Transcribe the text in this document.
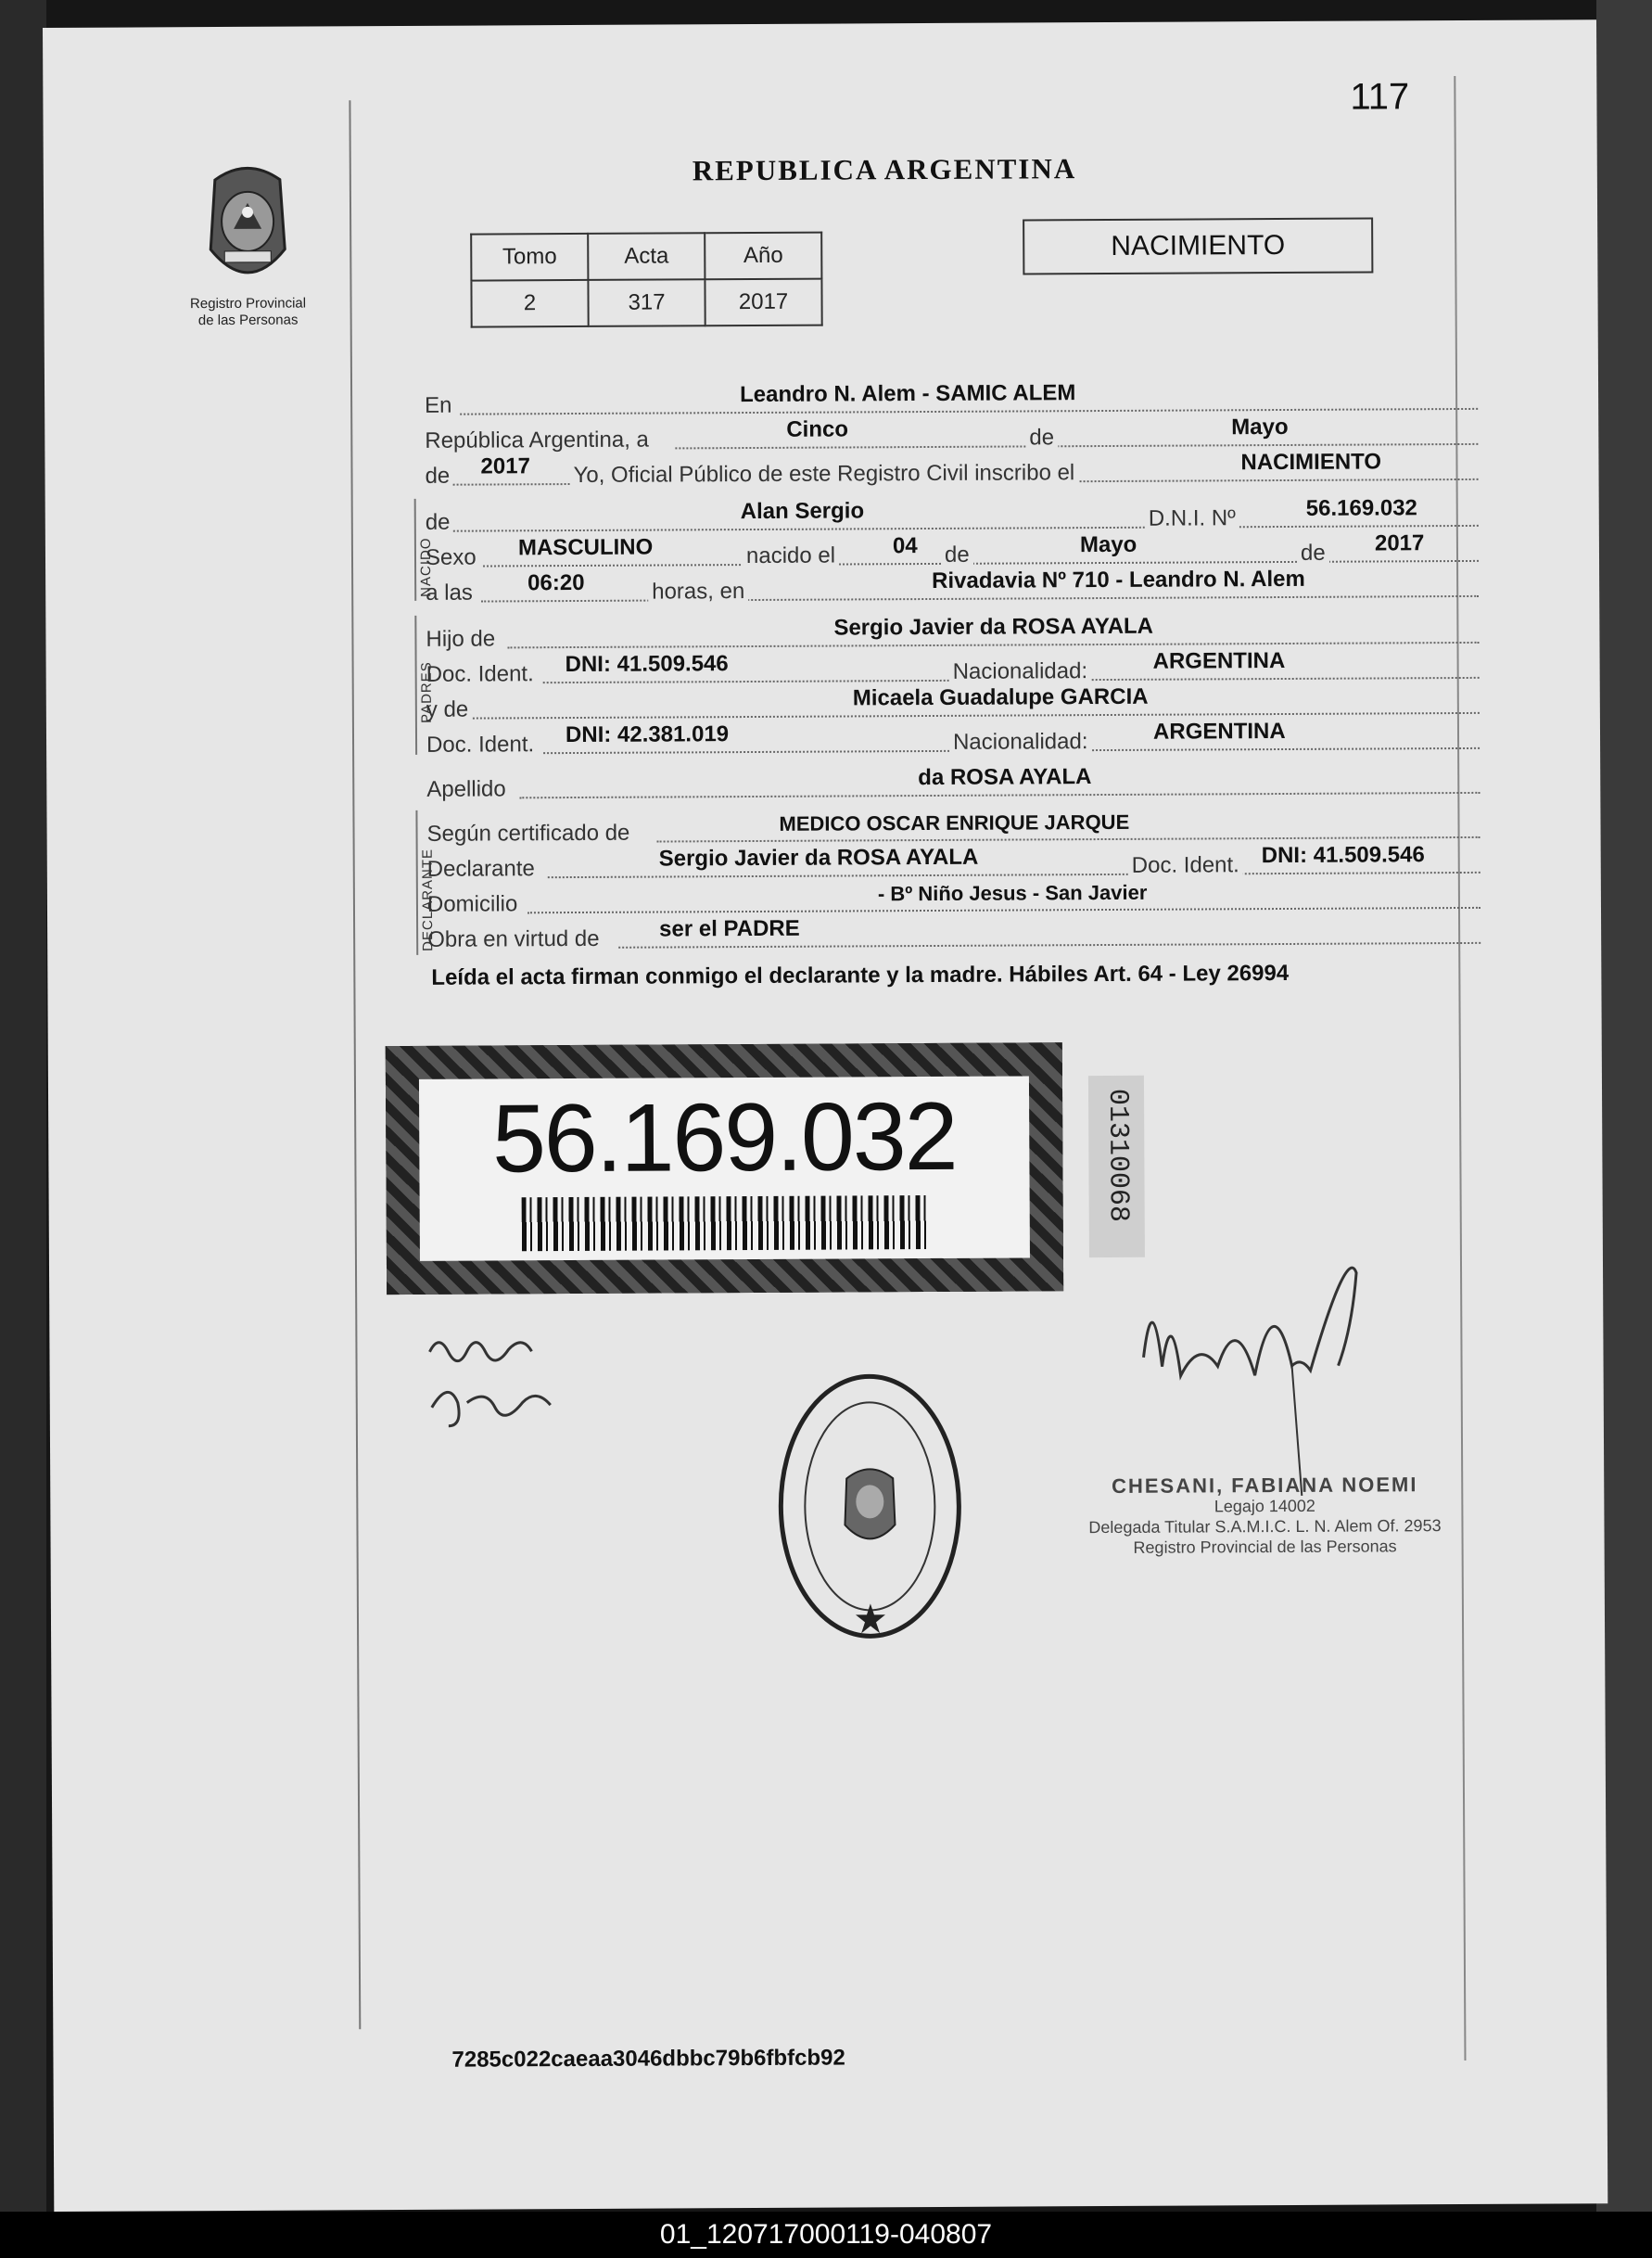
117
Registro Provincial de las Personas
REPUBLICA ARGENTINA
Tomo	Acta	Año
2	317	2017
NACIMIENTO
En	Leandro N. Alem - SAMIC ALEM
República Argentina, a	Cinco	de	Mayo
de 2017 Yo, Oficial Público de este Registro Civil inscribo el	NACIMIENTO
NACIDO
de	Alan Sergio	D.N.I. Nº	56.169.032
Sexo MASCULINO	nacido el	04 de	Mayo	de 2017
a las 06:20	horas, en	Rivadavia Nº 710 - Leandro N. Alem
PADRES
Hijo de	Sergio Javier da ROSA AYALA
Doc. Ident. DNI: 41.509.546	Nacionalidad:	ARGENTINA
y de	Micaela Guadalupe GARCIA
Doc. Ident. DNI: 42.381.019	Nacionalidad:	ARGENTINA
Apellido	da ROSA AYALA
DECLARANTE
Según certificado de	MEDICO OSCAR ENRIQUE JARQUE
Declarante	Sergio Javier da ROSA AYALA	Doc. Ident. DNI: 41.509.546
Domicilio	- Bº Niño Jesus - San Javier
Obra en virtud de	ser el PADRE
Leída el acta firman conmigo el declarante y la madre. Hábiles Art. 64 - Ley 26994
56.169.032	01310068
CHESANI, FABIANA NOEMI
Legajo 14002
Delegada Titular S.A.M.I.C. L. N. Alem Of. 2953
Registro Provincial de las Personas
7285c022caeaa3046dbbc79b6fbfcb92
01_120717000119-040807
